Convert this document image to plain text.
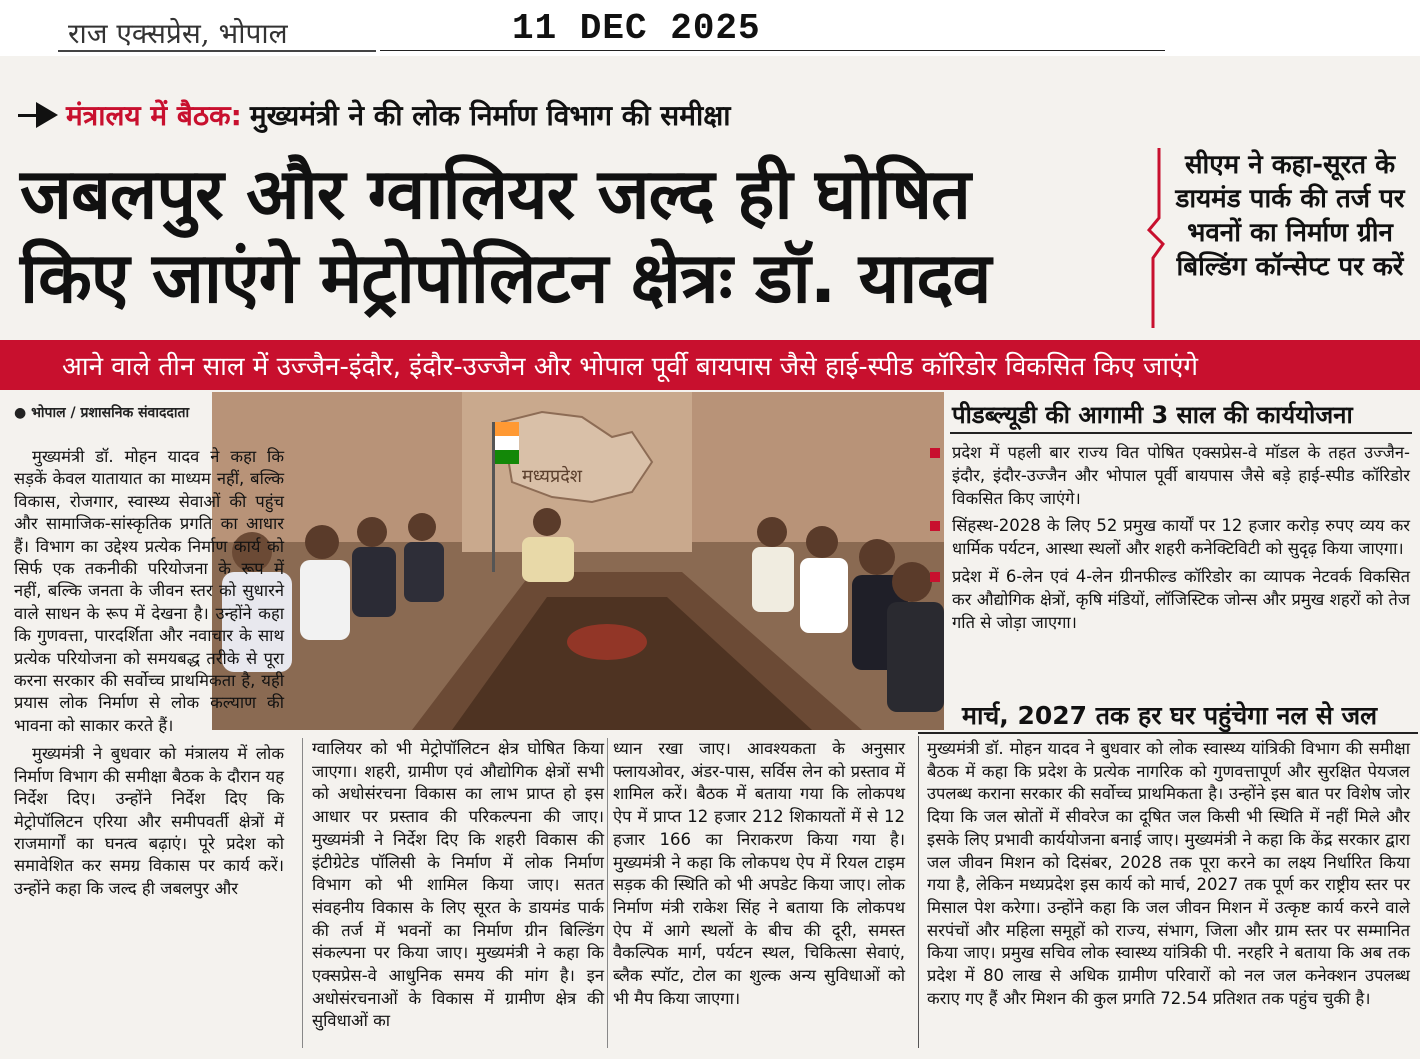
राज एक्सप्रेस, भोपाल	11 DEC 2025
मंत्रालय में बैठक: मुख्यमंत्री ने की लोक निर्माण विभाग की समीक्षा
जबलपुर और ग्वालियर जल्द ही घोषित
किए जाएंगे मेट्रोपोलिटन क्षेत्रः डॉ. यादव
सीएम ने कहा-सूरत के डायमंड पार्क की तर्ज पर भवनों का निर्माण ग्रीन बिल्डिंग कॉन्सेप्ट पर करें
आने वाले तीन साल में उज्जैन-इंदौर, इंदौर-उज्जैन और भोपाल पूर्वी बायपास जैसे हाई-स्पीड कॉरिडोर विकसित किए जाएंगे
● भोपाल / प्रशासनिक संवाददाता
मध्यप्रदेश

मुख्यमंत्री डॉ. मोहन यादव ने कहा कि सड़कें केवल यातायात का माध्यम नहीं, बल्कि विकास, रोजगार, स्वास्थ्य सेवाओं की पहुंच और सामाजिक-सांस्कृतिक प्रगति का आधार हैं। विभाग का उद्देश्य प्रत्येक निर्माण कार्य को सिर्फ एक तकनीकी परियोजना के रूप में नहीं, बल्कि जनता के जीवन स्तर को सुधारने वाले साधन के रूप में देखना है। उन्होंने कहा कि गुणवत्ता, पारदर्शिता और नवाचार के साथ प्रत्येक परियोजना को समयबद्ध तरीके से पूरा करना सरकार की सर्वोच्च प्राथमिकता है, यही प्रयास लोक निर्माण से लोक कल्याण की भावना को साकार करते हैं।

मुख्यमंत्री ने बुधवार को मंत्रालय में लोक निर्माण विभाग की समीक्षा बैठक के दौरान यह निर्देश दिए। उन्होंने निर्देश दिए कि मेट्रोपॉलिटन एरिया और समीपवर्ती क्षेत्रों में राजमार्गों का घनत्व बढ़ाएं। पूरे प्रदेश को समावेशित कर समग्र विकास पर कार्य करें। उन्होंने कहा कि जल्द ही जबलपुर और

ग्वालियर को भी मेट्रोपॉलिटन क्षेत्र घोषित किया जाएगा। शहरी, ग्रामीण एवं औद्योगिक क्षेत्रों सभी को अधोसंरचना विकास का लाभ प्राप्त हो इस आधार पर प्रस्ताव की परिकल्पना की जाए। मुख्यमंत्री ने निर्देश दिए कि शहरी विकास की इंटीग्रेटेड पॉलिसी के निर्माण में लोक निर्माण विभाग को भी शामिल किया जाए। सतत संवहनीय विकास के लिए सूरत के डायमंड पार्क की तर्ज में भवनों का निर्माण ग्रीन बिल्डिंग संकल्पना पर किया जाए। मुख्यमंत्री ने कहा कि एक्सप्रेस-वे आधुनिक समय की मांग है। इन अधोसंरचनाओं के विकास में ग्रामीण क्षेत्र की सुविधाओं का

ध्यान रखा जाए। आवश्यकता के अनुसार फ्लायओवर, अंडर-पास, सर्विस लेन को प्रस्ताव में शामिल करें। बैठक में बताया गया कि लोकपथ ऐप में प्राप्त 12 हजार 212 शिकायतों में से 12 हजार 166 का निराकरण किया गया है। मुख्यमंत्री ने कहा कि लोकपथ ऐप में रियल टाइम सड़क की स्थिति को भी अपडेट किया जाए। लोक निर्माण मंत्री राकेश सिंह ने बताया कि लोकपथ ऐप में आगे स्थलों के बीच की दूरी, समस्त वैकल्पिक मार्ग, पर्यटन स्थल, चिकित्सा सेवाएं, ब्लैक स्पॉट, टोल का शुल्क अन्य सुविधाओं को भी मैप किया जाएगा।

पीडब्ल्यूडी की आगामी 3 साल की कार्ययोजना
प्रदेश में पहली बार राज्य वित पोषित एक्सप्रेस-वे मॉडल के तहत उज्जैन-इंदौर, इंदौर-उज्जैन और भोपाल पूर्वी बायपास जैसे बड़े हाई-स्पीड कॉरिडोर विकसित किए जाएंगे।
सिंहस्थ-2028 के लिए 52 प्रमुख कार्यों पर 12 हजार करोड़ रुपए व्यय कर धार्मिक पर्यटन, आस्था स्थलों और शहरी कनेक्टिविटी को सुदृढ़ किया जाएगा।
प्रदेश में 6-लेन एवं 4-लेन ग्रीनफील्ड कॉरिडोर का व्यापक नेटवर्क विकसित कर औद्योगिक क्षेत्रों, कृषि मंडियों, लॉजिस्टिक जोन्स और प्रमुख शहरों को तेज गति से जोड़ा जाएगा।
मार्च, 2027 तक हर घर पहुंचेगा नल से जल
मुख्यमंत्री डॉ. मोहन यादव ने बुधवार को लोक स्वास्थ्य यांत्रिकी विभाग की समीक्षा बैठक में कहा कि प्रदेश के प्रत्येक नागरिक को गुणवत्तापूर्ण और सुरक्षित पेयजल उपलब्ध कराना सरकार की सर्वोच्च प्राथमिकता है। उन्होंने इस बात पर विशेष जोर दिया कि जल स्रोतों में सीवरेज का दूषित जल किसी भी स्थिति में नहीं मिले और इसके लिए प्रभावी कार्ययोजना बनाई जाए। मुख्यमंत्री ने कहा कि केंद्र सरकार द्वारा जल जीवन मिशन को दिसंबर, 2028 तक पूरा करने का लक्ष्य निर्धारित किया गया है, लेकिन मध्यप्रदेश इस कार्य को मार्च, 2027 तक पूर्ण कर राष्ट्रीय स्तर पर मिसाल पेश करेगा। उन्होंने कहा कि जल जीवन मिशन में उत्कृष्ट कार्य करने वाले सरपंचों और महिला समूहों को राज्य, संभाग, जिला और ग्राम स्तर पर सम्मानित किया जाए। प्रमुख सचिव लोक स्वास्थ्य यांत्रिकी पी. नरहरि ने बताया कि अब तक प्रदेश में 80 लाख से अधिक ग्रामीण परिवारों को नल जल कनेक्शन उपलब्ध कराए गए हैं और मिशन की कुल प्रगति 72.54 प्रतिशत तक पहुंच चुकी है।
